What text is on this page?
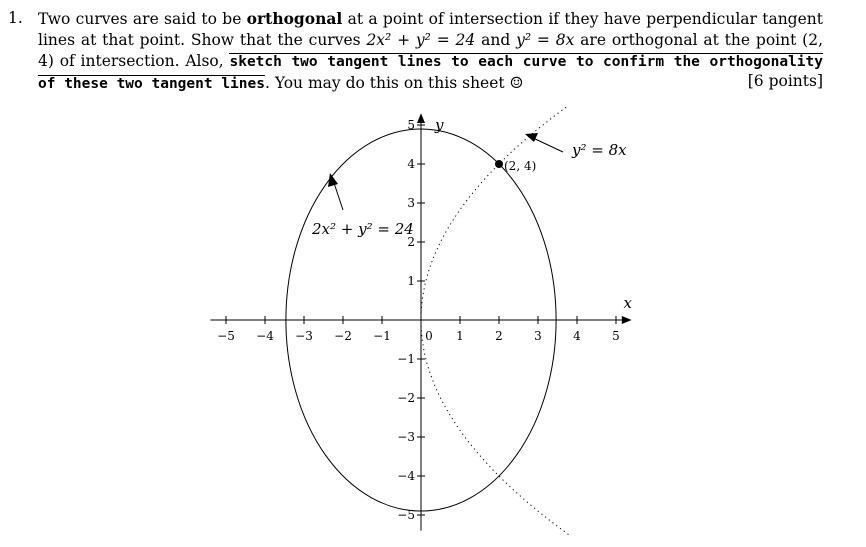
1. Two curves are said to be orthogonal at a point of intersection if they have perpendicular tangent lines at that point. Show that the curves 2x² + y² = 24 and y² = 8x are orthogonal at the point (2, 4) of intersection. Also, sketch two tangent lines to each curve to confirm the orthogonality of these two tangent lines. You may do this on this sheet ☺	[6 points]
x
y
−5 −4 −3 −2 −1	0 1	2	3	4	5
−5
−4
−3
−2
−1
1
2
3
4
5
(2, 4)
2x² + y² = 24
y² = 8x
